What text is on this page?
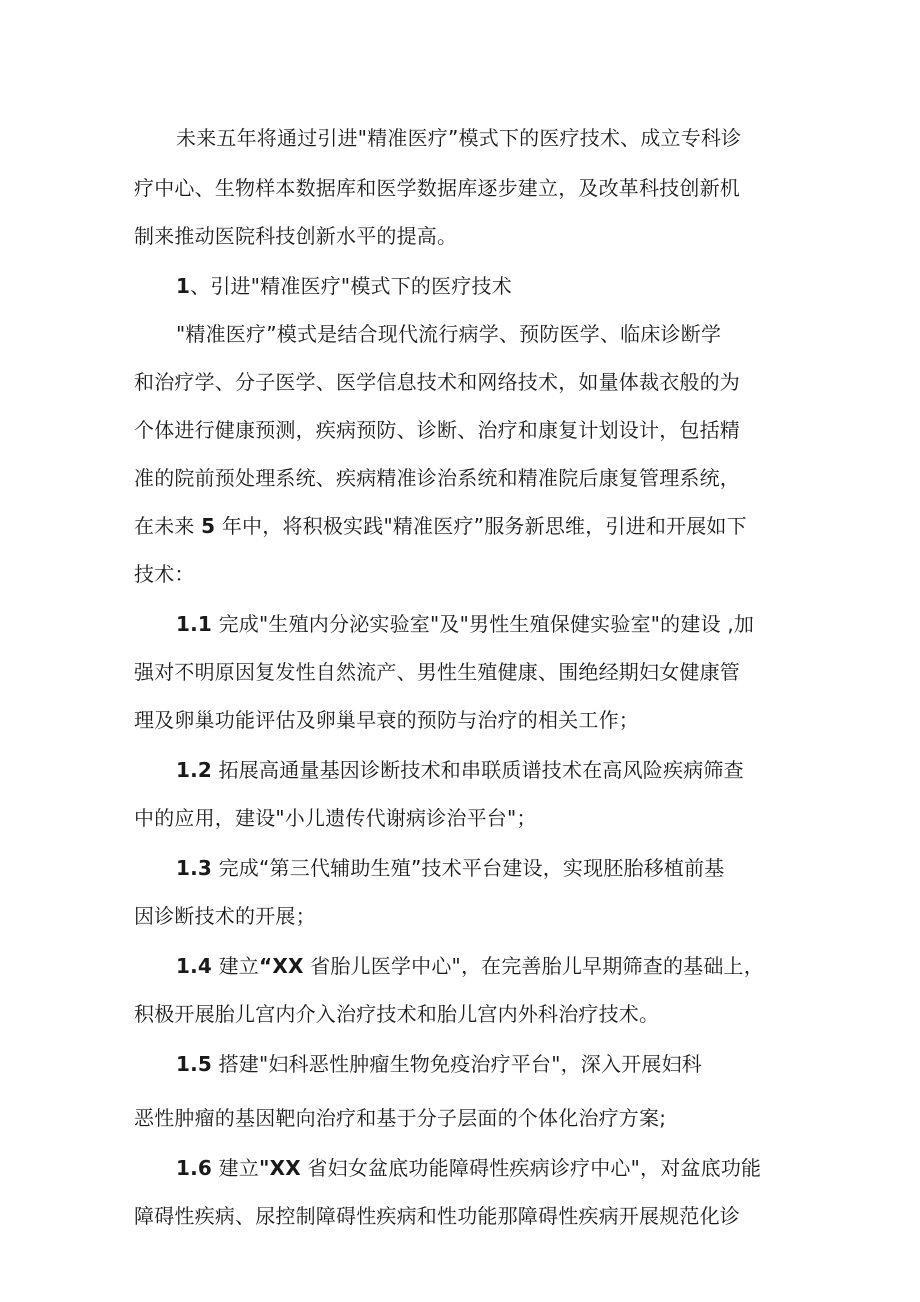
未来五年将通过引进"精准医疗”模式下的医疗技术、成立专科诊
疗中心、生物样本数据库和医学数据库逐步建立，及改革科技创新机
制来推动医院科技创新水平的提高。
1、引进"精准医疗"模式下的医疗技术
"精准医疗”模式是结合现代流行病学、预防医学、临床诊断学
和治疗学、分子医学、医学信息技术和网络技术，如量体裁衣般的为
个体进行健康预测，疾病预防、诊断、治疗和康复计划设计，包括精
准的院前预处理系统、疾病精准诊治系统和精准院后康复管理系统，
在未来 5 年中，将积极实践"精准医疗”服务新思维，引进和开展如下
技术：
1.1 完成"生殖内分泌实验室"及"男性生殖保健实验室"的建设 ,加
强对不明原因复发性自然流产、男性生殖健康、围绝经期妇女健康管
理及卵巢功能评估及卵巢早衰的预防与治疗的相关工作；
1.2 拓展高通量基因诊断技术和串联质谱技术在高风险疾病筛查
中的应用，建设"小儿遗传代谢病诊治平台"；
1.3 完成“第三代辅助生殖”技术平台建设，实现胚胎移植前基
因诊断技术的开展；
1.4 建立“XX 省胎儿医学中心"，在完善胎儿早期筛查的基础上，
积极开展胎儿宫内介入治疗技术和胎儿宫内外科治疗技术。
1.5 搭建"妇科恶性肿瘤生物免疫治疗平台"，深入开展妇科
恶性肿瘤的基因靶向治疗和基于分子层面的个体化治疗方案;
1.6 建立"XX 省妇女盆底功能障碍性疾病诊疗中心"，对盆底功能
障碍性疾病、尿控制障碍性疾病和性功能那障碍性疾病开展规范化诊
